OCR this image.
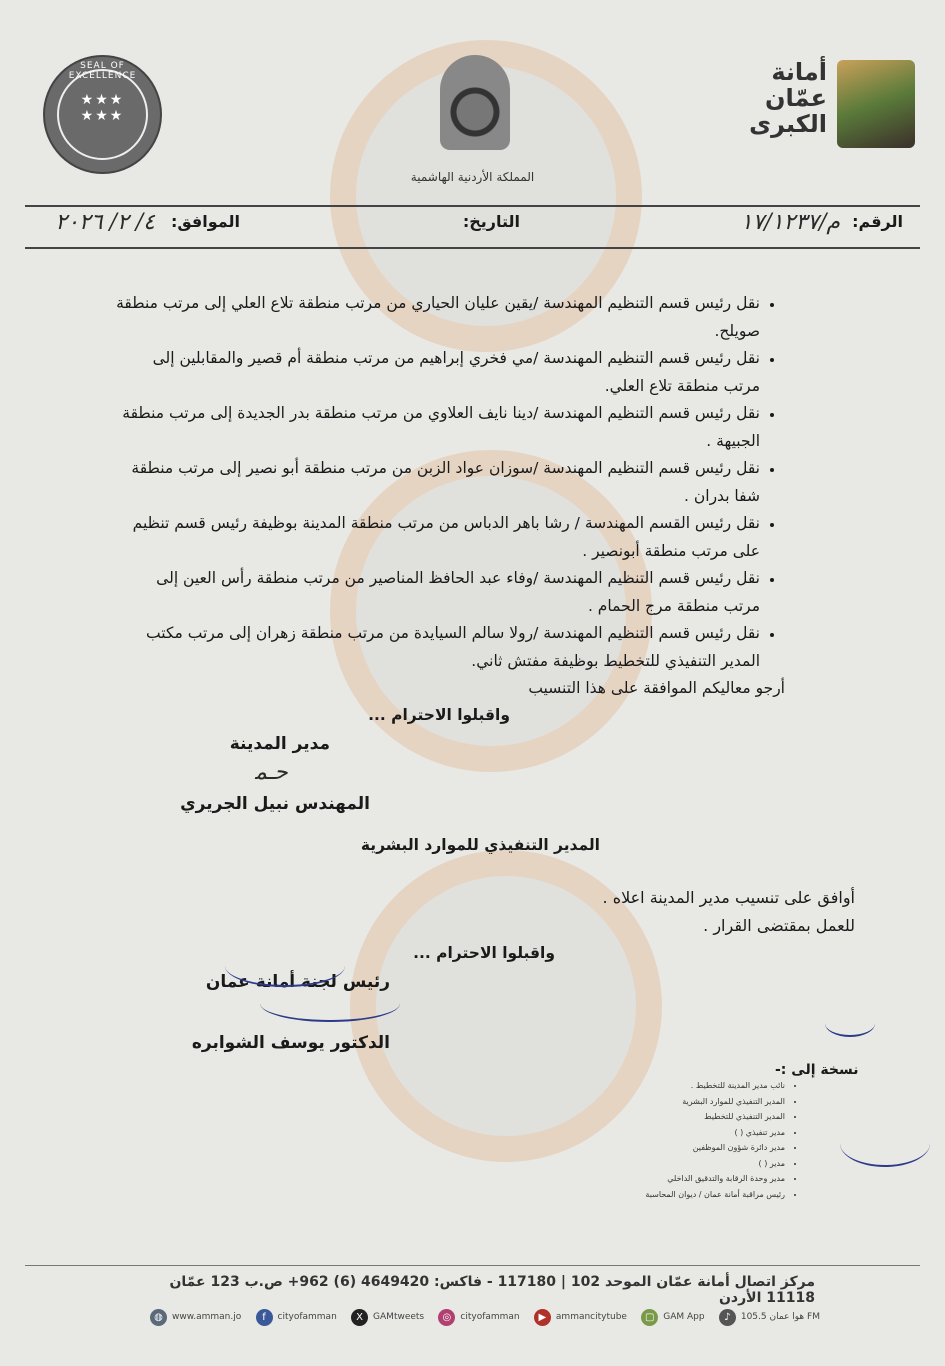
أمانة
عمّان
الكبرى
المملكة الأردنية الهاشمية
SEAL OF EXCELLENCE
★★★
★★★
الرقم:
م/١٧/١٢٣٧
التاريخ:
الموافق:
٤/ ٢/ ٢٠٢٦
• نقل رئيس قسم التنظيم المهندسة /يقين عليان الحياري من مرتب منطقة تلاع العلي إلى مرتب منطقة صويلح.
• نقل رئيس قسم التنظيم المهندسة /مي فخري إبراهيم من مرتب منطقة أم قصير والمقابلين إلى مرتب منطقة تلاع العلي.
• نقل رئيس قسم التنظيم المهندسة /دينا نايف العلاوي من مرتب منطقة بدر الجديدة إلى مرتب منطقة الجبيهة .
• نقل رئيس قسم التنظيم المهندسة /سوزان عواد الزبن من مرتب منطقة أبو نصير إلى مرتب منطقة شفا بدران .
• نقل رئيس القسم المهندسة / رشا باهر الدباس من مرتب منطقة المدينة بوظيفة رئيس قسم تنظيم على مرتب منطقة أبونصير .
• نقل رئيس قسم التنظيم المهندسة /وفاء عبد الحافظ المناصير من مرتب منطقة رأس العين إلى مرتب منطقة مرج الحمام .
• نقل رئيس قسم التنظيم المهندسة /رولا سالم السيايدة من مرتب منطقة زهران إلى مرتب مكتب المدير التنفيذي للتخطيط بوظيفة مفتش ثاني.
أرجو معاليكم الموافقة على هذا التنسيب
واقبلوا الاحترام ...
مدير المدينة
ﺣـﻤ
المهندس نبيل الجريري
المدير التنفيذي للموارد البشرية
أوافق على تنسيب مدير المدينة اعلاه .
للعمل بمقتضى القرار .
واقبلوا الاحترام ...
رئيس لجنة أمانة عمان
الدكتور يوسف الشوابره
نسخة إلى :-
• نائب مدير المدينة للتخطيط .
• المدير التنفيذي للموارد البشرية
• المدير التنفيذي للتخطيط
• مدير تنفيذي ( )
• مدير دائرة شؤون الموظفين
• مدير ( )
• مدير وحدة الرقابة والتدقيق الداخلي
• رئيس مراقبة أمانة عمان / ديوان المحاسبة
مركز اتصال أمانة عمّان الموحد 102 | 117180 - فاكس: 4649420 (6) 962+ ص.ب 123 عمّان 11118 الأردن
♪	هوا عمان 105.5 FM
▢ GAM App
▶	ammancitytube
◎	cityofamman
X	GAMtweets
f	cityofamman
◍	www.amman.jo
